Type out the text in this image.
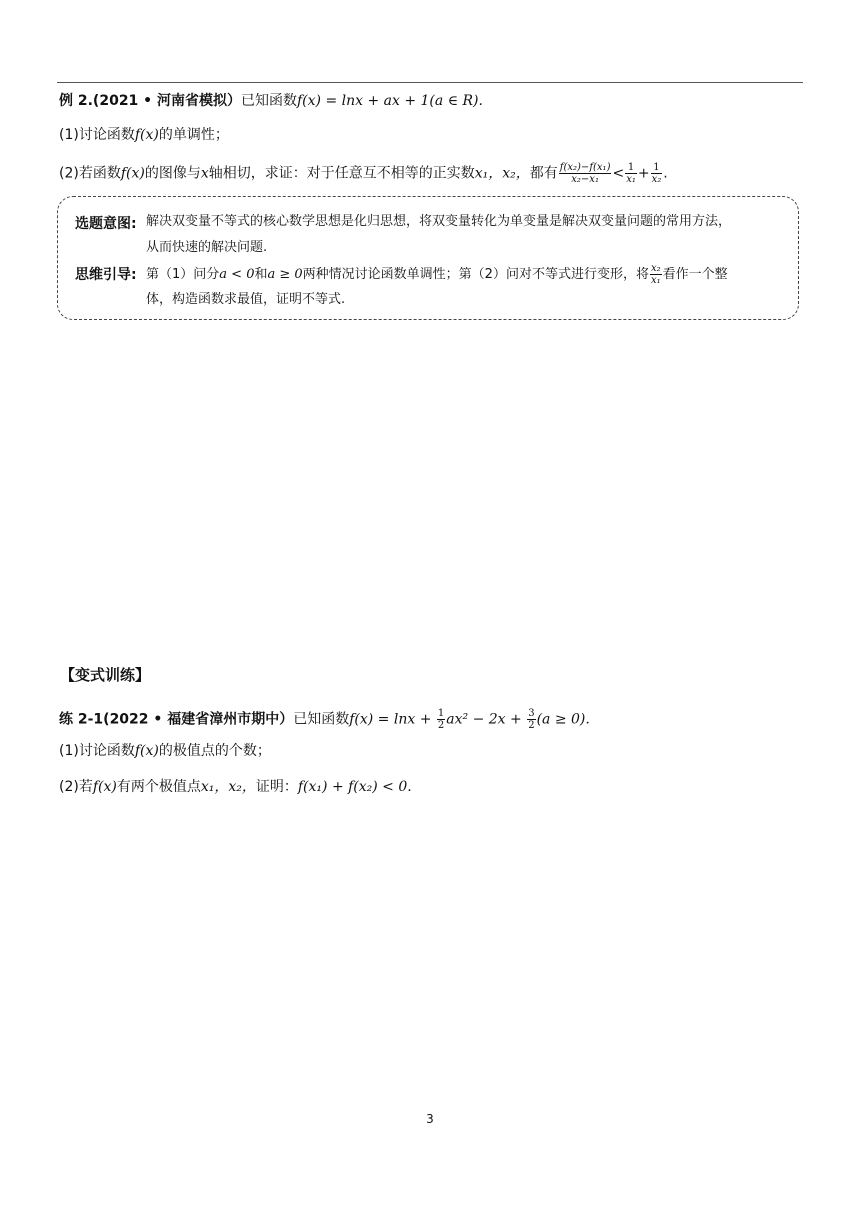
例 2.(2021 • 河南省模拟）已知函数f(x) = lnx + ax + 1(a ∈ R).
(1)讨论函数f(x)的单调性；
(2)若函数f(x)的图像与x轴相切，求证：对于任意互不相等的正实数x₁，x₂，都有 $\frac{\text{f(x₂)−f(x₁)}}{\text{x₂−x₁}} < \frac{1}{\text{x₁}} + \frac{1}{\text{x₂}}$ .
选题意图: 解决双变量不等式的核心数学思想是化归思想，将双变量转化为单变量是解决双变量问题的常用方法，
从而快速的解决问题.
思维引导: 第（1）问分a < 0和a ≥ 0两种情况讨论函数单调性；第（2）问对不等式进行变形，将 $\frac{\text{x₂}}{\text{x₁}}$ 看作一个整
体，构造函数求最值，证明不等式.
【变式训练】
练 2-1(2022 • 福建省漳州市期中）已知函数$f(x) = \ln x + \frac{1}{2} ax^2 - 2x + \frac{3}{2} (a \ge 0)$.
(1)讨论函数f(x)的极值点的个数；
(2)若f(x)有两个极值点x₁，x₂，证明：f(x₁) + f(x₂) < 0.
3
